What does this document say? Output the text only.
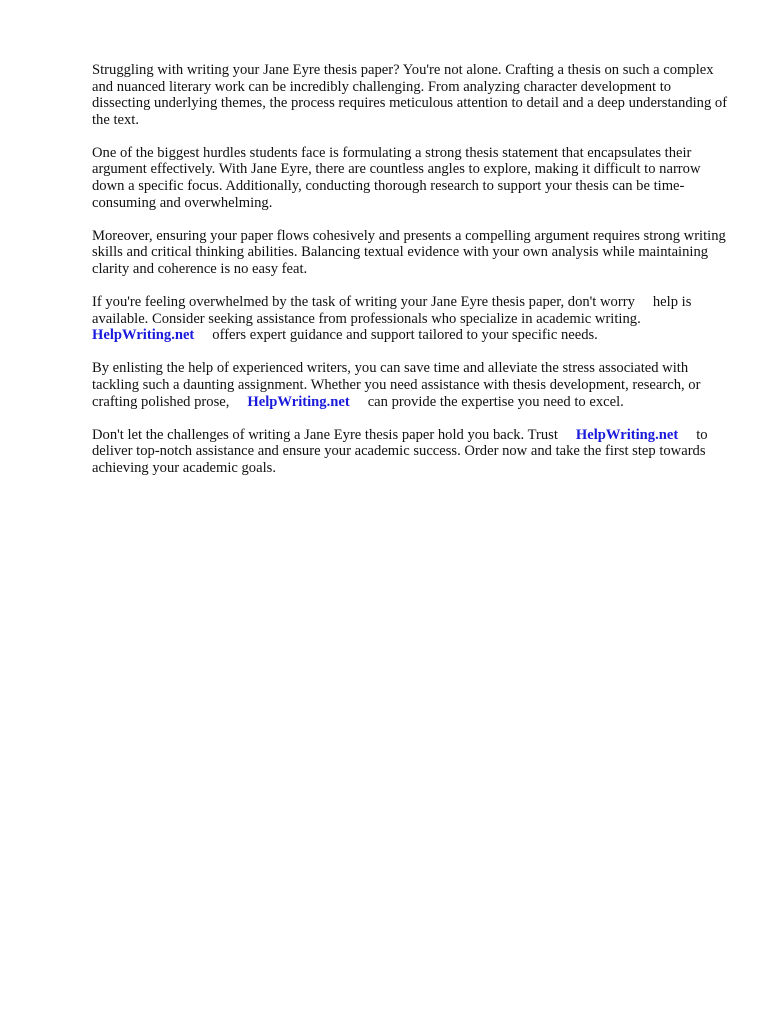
Struggling with writing your Jane Eyre thesis paper? You're not alone. Crafting a thesis on such a complex and nuanced literary work can be incredibly challenging. From analyzing character development to dissecting underlying themes, the process requires meticulous attention to detail and a deep understanding of the text.

One of the biggest hurdles students face is formulating a strong thesis statement that encapsulates their argument effectively. With Jane Eyre, there are countless angles to explore, making it difficult to narrow down a specific focus. Additionally, conducting thorough research to support your thesis can be time-consuming and overwhelming.

Moreover, ensuring your paper flows cohesively and presents a compelling argument requires strong writing skills and critical thinking abilities. Balancing textual evidence with your own analysis while maintaining clarity and coherence is no easy feat.

If you're feeling overwhelmed by the task of writing your Jane Eyre thesis paper, don't worry help is available. Consider seeking assistance from professionals who specialize in academic writing. HelpWriting.net offers expert guidance and support tailored to your specific needs.

By enlisting the help of experienced writers, you can save time and alleviate the stress associated with tackling such a daunting assignment. Whether you need assistance with thesis development, research, or crafting polished prose, HelpWriting.net can provide the expertise you need to excel.

Don't let the challenges of writing a Jane Eyre thesis paper hold you back. Trust HelpWriting.net to deliver top-notch assistance and ensure your academic success. Order now and take the first step towards achieving your academic goals.
